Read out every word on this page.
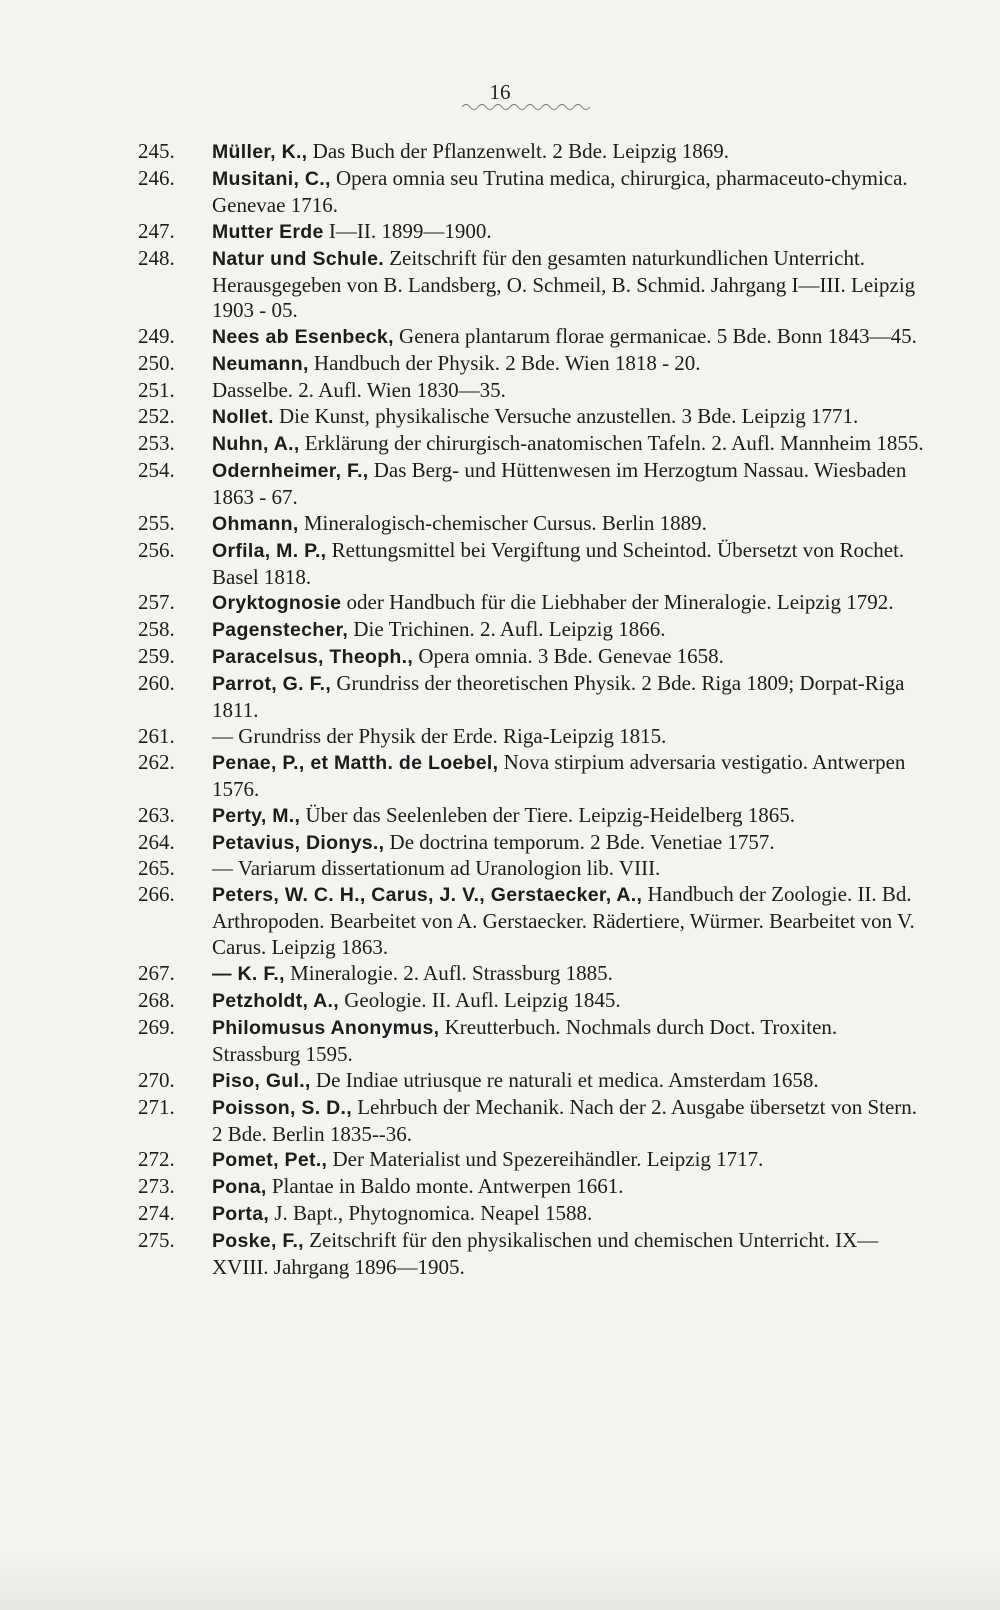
16
245.	Müller, K., Das Buch der Pflanzenwelt. 2 Bde. Leipzig 1869.
246.	Musitani, C., Opera omnia seu Trutina medica, chirurgica, pharmaceuto-chymica. Genevae 1716.
247.	Mutter Erde I—II. 1899—1900.
248.	Natur und Schule. Zeitschrift für den gesamten naturkundlichen Unterricht. Herausgegeben von B. Landsberg, O. Schmeil, B. Schmid. Jahrgang I—III. Leipzig 1903 - 05.
249.	Nees ab Esenbeck, Genera plantarum florae germanicae. 5 Bde. Bonn 1843—45.
250.	Neumann, Handbuch der Physik. 2 Bde. Wien 1818 - 20.
251.	Dasselbe. 2. Aufl. Wien 1830—35.
252.	Nollet. Die Kunst, physikalische Versuche anzustellen. 3 Bde. Leipzig 1771.
253.	Nuhn, A., Erklärung der chirurgisch-anatomischen Tafeln. 2. Aufl. Mannheim 1855.
254.	Odernheimer, F., Das Berg- und Hüttenwesen im Herzogtum Nassau. Wiesbaden 1863 - 67.
255.	Ohmann, Mineralogisch-chemischer Cursus. Berlin 1889.
256.	Orfila, M. P., Rettungsmittel bei Vergiftung und Scheintod. Übersetzt von Rochet. Basel 1818.
257.	Oryktognosie oder Handbuch für die Liebhaber der Mineralogie. Leipzig 1792.
258.	Pagenstecher, Die Trichinen. 2. Aufl. Leipzig 1866.
259.	Paracelsus, Theoph., Opera omnia. 3 Bde. Genevae 1658.
260.	Parrot, G. F., Grundriss der theoretischen Physik. 2 Bde. Riga 1809; Dorpat-Riga 1811.
261.	— Grundriss der Physik der Erde. Riga-Leipzig 1815.
262.	Penae, P., et Matth. de Loebel, Nova stirpium adversaria vestigatio. Antwerpen 1576.
263.	Perty, M., Über das Seelenleben der Tiere. Leipzig-Heidelberg 1865.
264.	Petavius, Dionys., De doctrina temporum. 2 Bde. Venetiae 1757.
265.	— Variarum dissertationum ad Uranologion lib. VIII.
266.	Peters, W. C. H., Carus, J. V., Gerstaecker, A., Handbuch der Zoologie. II. Bd. Arthropoden. Bearbeitet von A. Gerstaecker. Rädertiere, Würmer. Bearbeitet von V. Carus. Leipzig 1863.
267.	— K. F., Mineralogie. 2. Aufl. Strassburg 1885.
268.	Petzholdt, A., Geologie. II. Aufl. Leipzig 1845.
269.	Philomusus Anonymus, Kreutterbuch. Nochmals durch Doct. Troxiten. Strassburg 1595.
270.	Piso, Gul., De Indiae utriusque re naturali et medica. Amsterdam 1658.
271.	Poisson, S. D., Lehrbuch der Mechanik. Nach der 2. Ausgabe übersetzt von Stern. 2 Bde. Berlin 1835--36.
272.	Pomet, Pet., Der Materialist und Spezereihändler. Leipzig 1717.
273.	Pona, Plantae in Baldo monte. Antwerpen 1661.
274.	Porta, J. Bapt., Phytognomica. Neapel 1588.
275.	Poske, F., Zeitschrift für den physikalischen und chemischen Unterricht. IX—XVIII. Jahrgang 1896—1905.
